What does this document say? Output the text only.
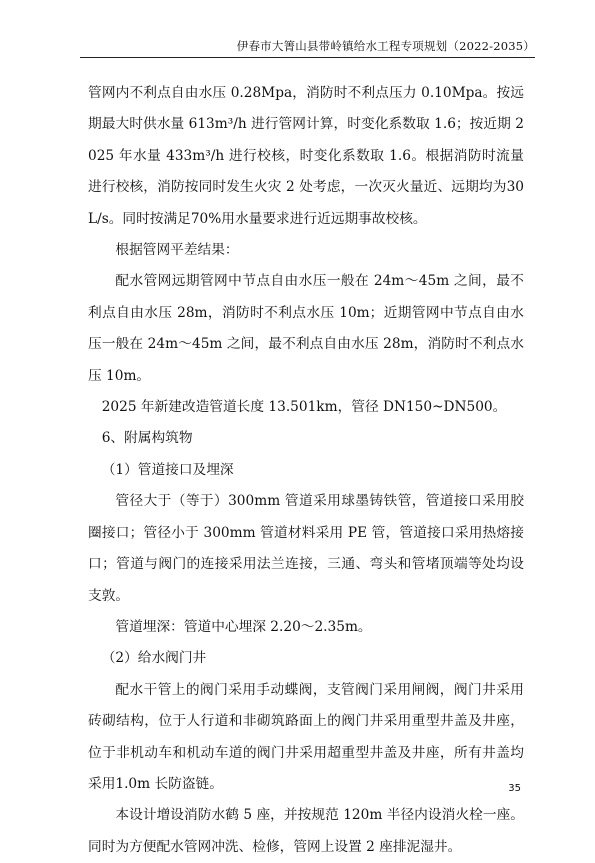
伊春市大箐山县带岭镇给水工程专项规划（2022-2035）

管网内不利点自由水压 0.28Mpa，消防时不利点压力 0.10Mpa。按远期最大时供水量 613m³/h 进行管网计算，时变化系数取 1.6；按近期 2025 年水量 433m³/h 进行校核，时变化系数取 1.6。根据消防时流量进行校核，消防按同时发生火灾 2 处考虑，一次灭火量近、远期均为30L/s。同时按满足70%用水量要求进行近远期事故校核。

根据管网平差结果：

配水管网远期管网中节点自由水压一般在 24m～45m 之间，最不利点自由水压 28m，消防时不利点水压 10m；近期管网中节点自由水压一般在 24m～45m 之间，最不利点自由水压 28m，消防时不利点水压 10m。

2025 年新建改造管道长度 13.501km，管径 DN150~DN500。

6、附属构筑物

（1）管道接口及埋深

管径大于（等于）300mm 管道采用球墨铸铁管，管道接口采用胶圈接口；管径小于 300mm 管道材料采用 PE 管，管道接口采用热熔接口；管道与阀门的连接采用法兰连接，三通、弯头和管堵顶端等处均设支敦。

管道埋深：管道中心埋深 2.20～2.35m。

（2）给水阀门井

配水干管上的阀门采用手动蝶阀，支管阀门采用闸阀，阀门井采用砖砌结构，位于人行道和非砌筑路面上的阀门井采用重型井盖及井座，位于非机动车和机动车道的阀门井采用超重型井盖及井座，所有井盖均采用1.0m 长防盗链。

本设计增设消防水鹤 5 座，并按规范 120m 半径内设消火栓一座。同时为方便配水管网冲洗、检修，管网上设置 2 座排泥湿井。

35
